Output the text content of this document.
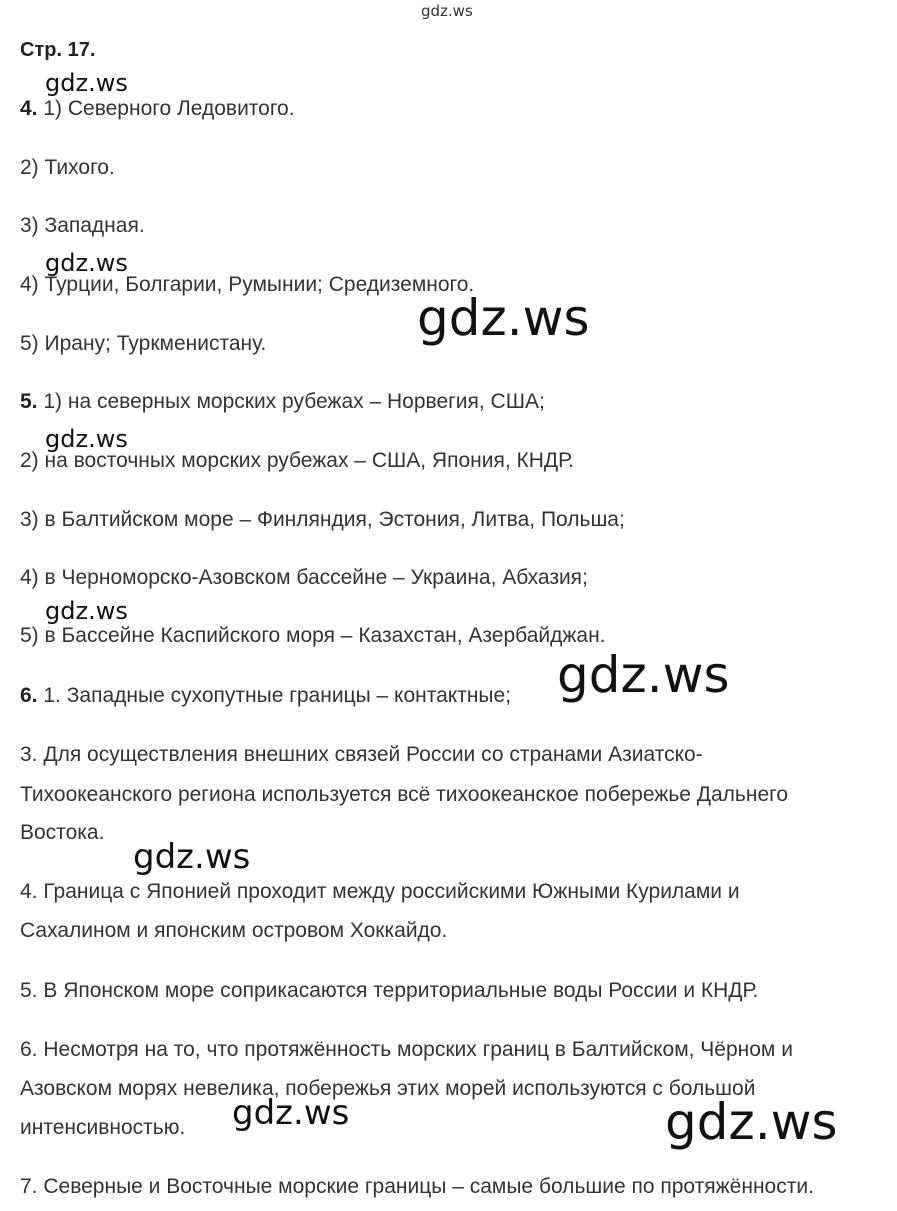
gdz.ws
Стр. 17.
gdz.ws
4. 1) Северного Ледовитого.
2) Тихого.
3) Западная.
gdz.ws
4) Турции, Болгарии, Румынии; Средиземного.
gdz.ws
5) Ирану; Туркменистану.
5. 1) на северных морских рубежах – Норвегия, США;
gdz.ws
2) на восточных морских рубежах – США, Япония, КНДР.
3) в Балтийском море – Финляндия, Эстония, Литва, Польша;
4) в Черноморско-Азовском бассейне – Украина, Абхазия;
gdz.ws
5) в Бассейне Каспийского моря – Казахстан, Азербайджан.
6. 1. Западные сухопутные границы – контактные; gdz.ws
3. Для осуществления внешних связей России со странами Азиатско-
Тихоокеанского региона используется всё тихоокеанское побережье Дальнего
Востока.
gdz.ws
4. Граница с Японией проходит между российскими Южными Курилами и
Сахалином и японским островом Хоккайдо.
5. В Японском море соприкасаются территориальные воды России и КНДР.
6. Несмотря на то, что протяжённость морских границ в Балтийском, Чёрном и
Азовском морях невелика, побережья этих морей используются с большой
gdz.ws
интенсивностью.	gdz.ws
7. Северные и Восточные морские границы – самые большие по протяжённости.
